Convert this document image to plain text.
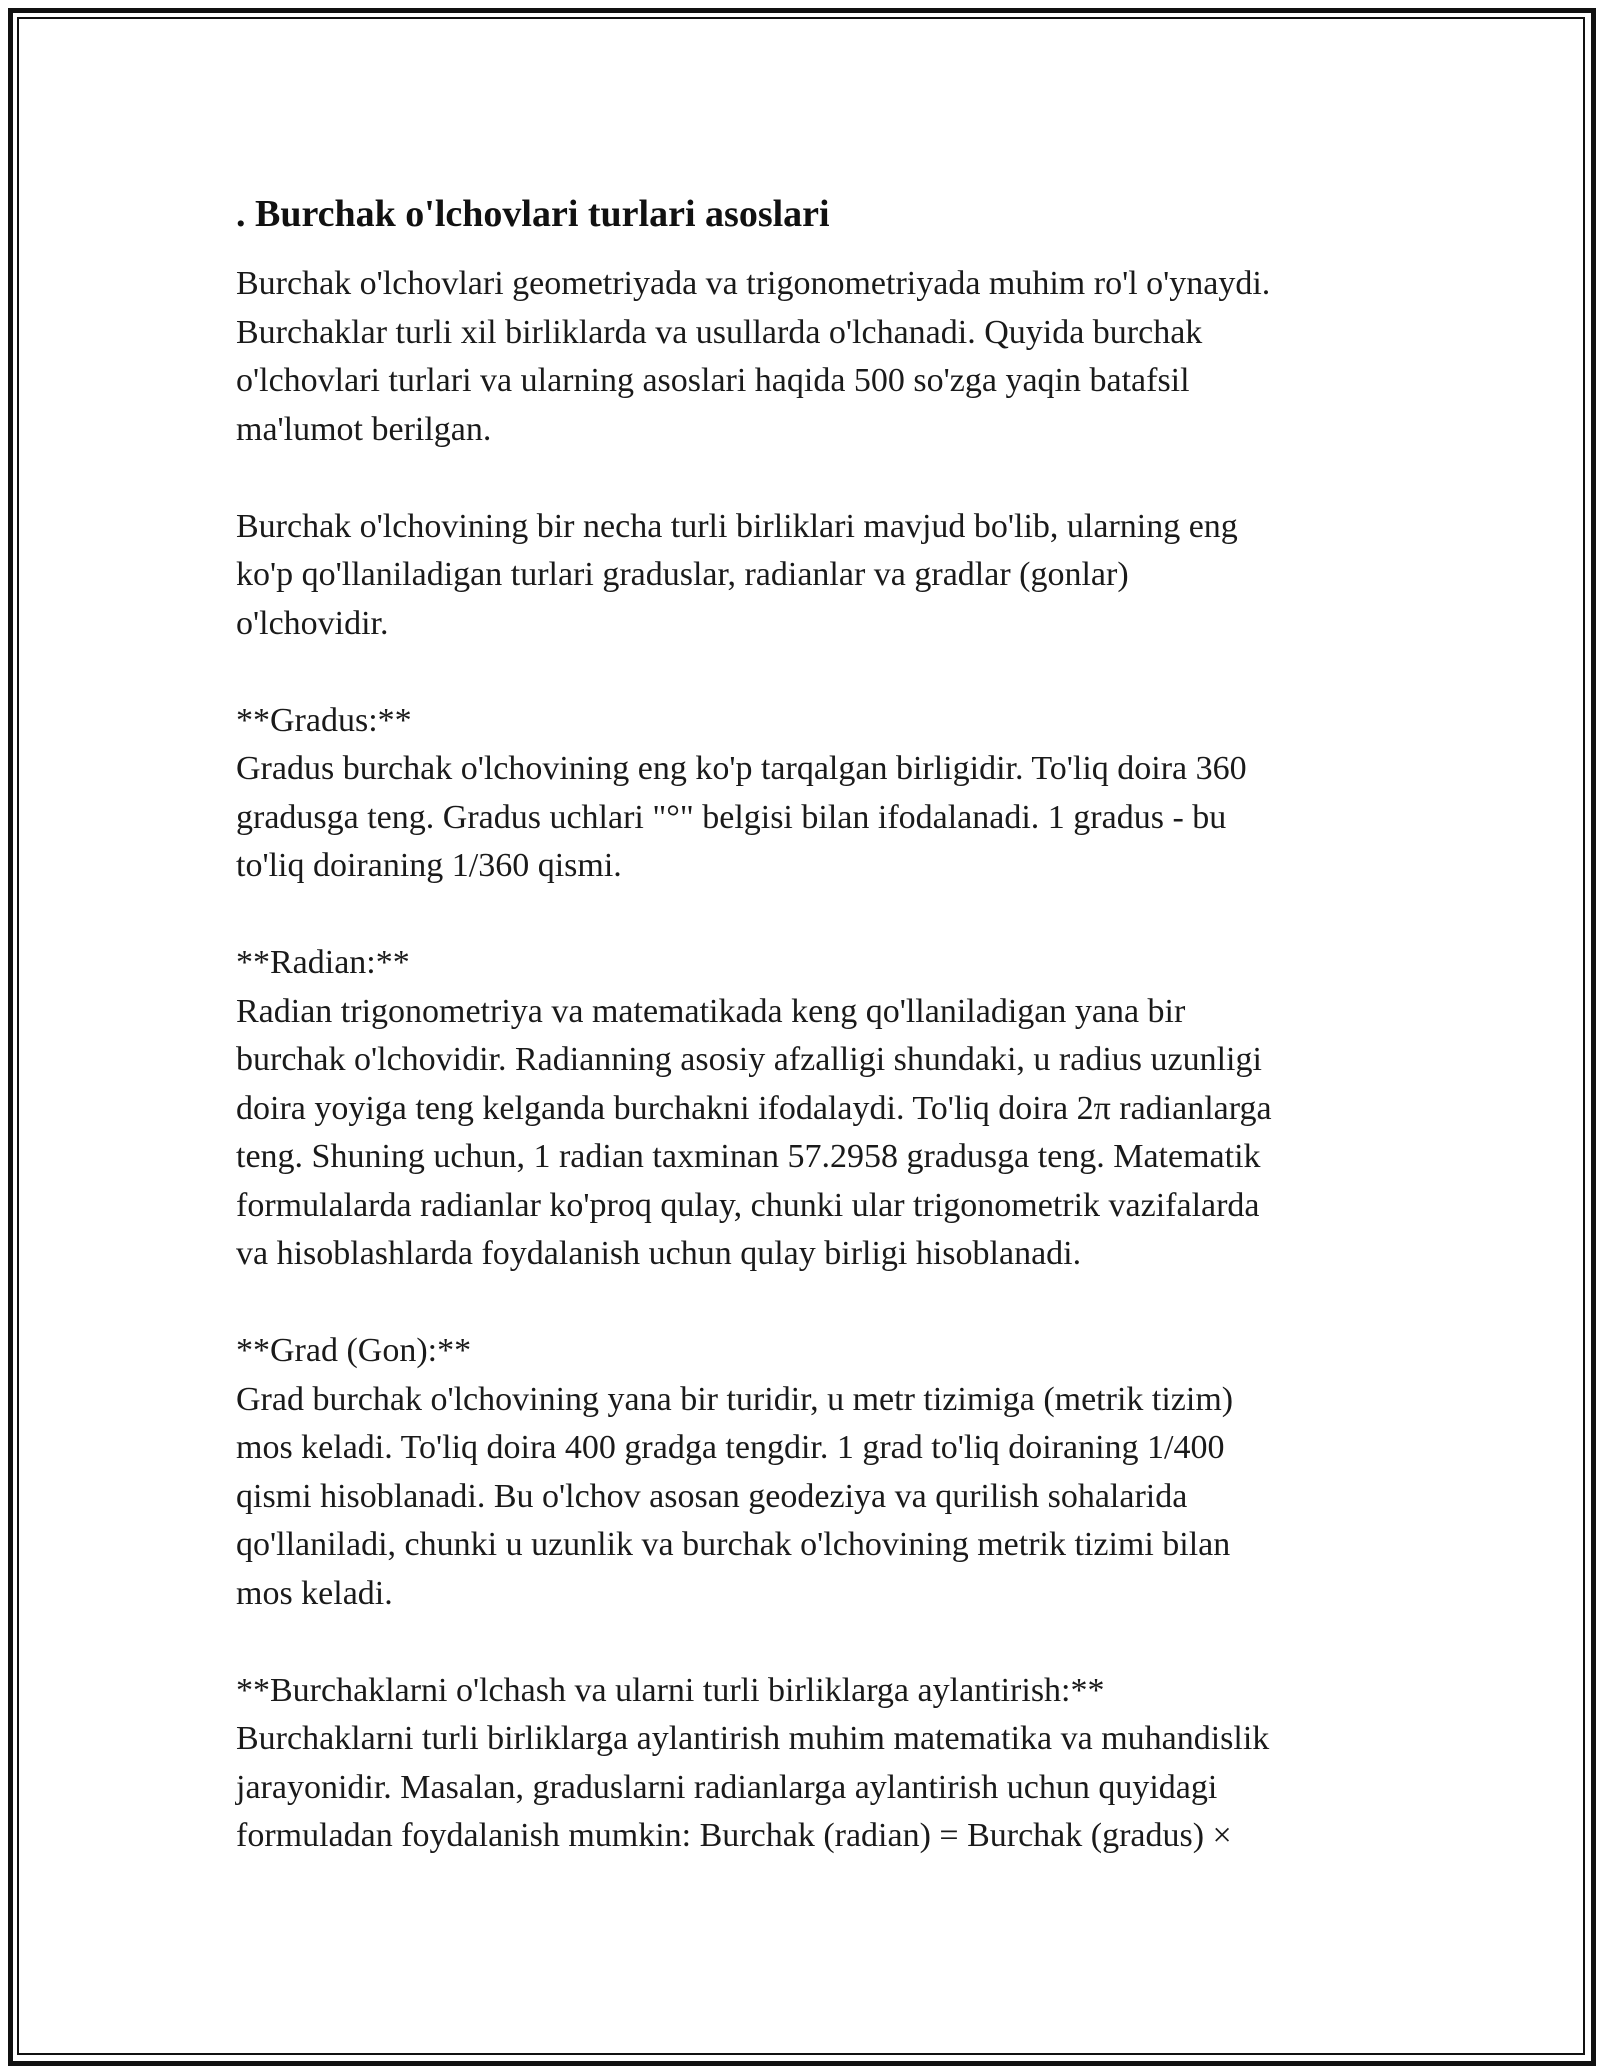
. Burchak o'lchovlari turlari asoslari

Burchak o'lchovlari geometriyada va trigonometriyada muhim ro'l o'ynaydi.
Burchaklar turli xil birliklarda va usullarda o'lchanadi. Quyida burchak
o'lchovlari turlari va ularning asoslari haqida 500 so'zga yaqin batafsil
ma'lumot berilgan.

Burchak o'lchovining bir necha turli birliklari mavjud bo'lib, ularning eng
ko'p qo'llaniladigan turlari graduslar, radianlar va gradlar (gonlar)
o'lchovidir.

**Gradus:**
Gradus burchak o'lchovining eng ko'p tarqalgan birligidir. To'liq doira 360
gradusga teng. Gradus uchlari "°" belgisi bilan ifodalanadi. 1 gradus - bu
to'liq doiraning 1/360 qismi.

**Radian:**
Radian trigonometriya va matematikada keng qo'llaniladigan yana bir
burchak o'lchovidir. Radianning asosiy afzalligi shundaki, u radius uzunligi
doira yoyiga teng kelganda burchakni ifodalaydi. To'liq doira 2π radianlarga
teng. Shuning uchun, 1 radian taxminan 57.2958 gradusga teng. Matematik
formulalarda radianlar ko'proq qulay, chunki ular trigonometrik vazifalarda
va hisoblashlarda foydalanish uchun qulay birligi hisoblanadi.

**Grad (Gon):**
Grad burchak o'lchovining yana bir turidir, u metr tizimiga (metrik tizim)
mos keladi. To'liq doira 400 gradga tengdir. 1 grad to'liq doiraning 1/400
qismi hisoblanadi. Bu o'lchov asosan geodeziya va qurilish sohalarida
qo'llaniladi, chunki u uzunlik va burchak o'lchovining metrik tizimi bilan
mos keladi.

**Burchaklarni o'lchash va ularni turli birliklarga aylantirish:**
Burchaklarni turli birliklarga aylantirish muhim matematika va muhandislik
jarayonidir. Masalan, graduslarni radianlarga aylantirish uchun quyidagi
formuladan foydalanish mumkin: Burchak (radian) = Burchak (gradus) ×
